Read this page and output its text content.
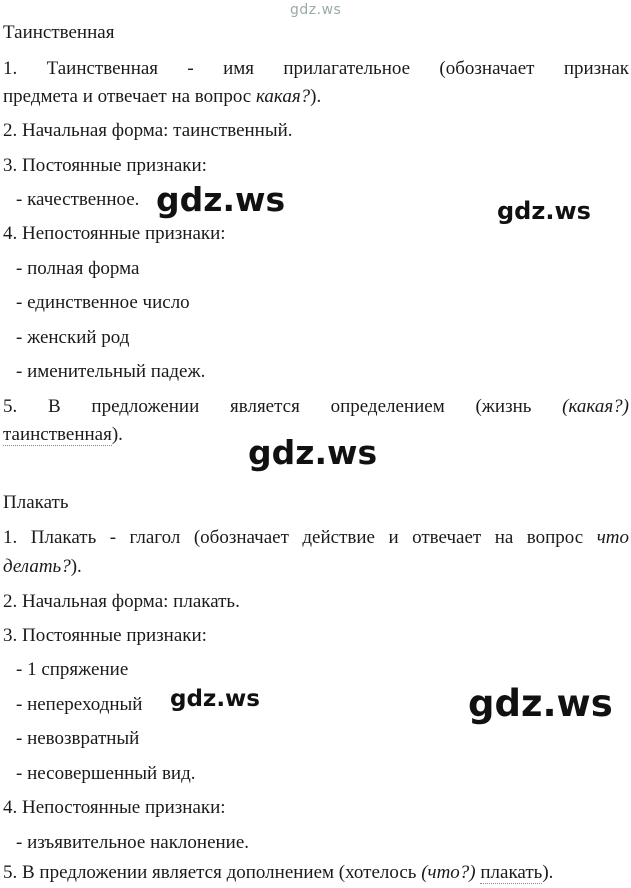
gdz.ws
Таинственная
1. Таинственная - имя прилагательное (обозначает признак
предмета и отвечает на вопрос какая?).
2. Начальная форма: таинственный.
3. Постоянные признаки:
- качественное.
4. Непостоянные признаки:
- полная форма
- единственное число
- женский род
- именительный падеж.
5. В предложении является определением (жизнь (какая?)
таинственная).
Плакать
1. Плакать - глагол (обозначает действие и отвечает на вопрос что
делать?).
2. Начальная форма: плакать.
3. Постоянные признаки:
- 1 спряжение
- непереходный
- невозвратный
- несовершенный вид.
4. Непостоянные признаки:
- изъявительное наклонение.
5. В предложении является дополнением (хотелось (что?) плакать).
gdz.ws	gdz.ws
gdz.ws
gdz.ws	gdz.ws
